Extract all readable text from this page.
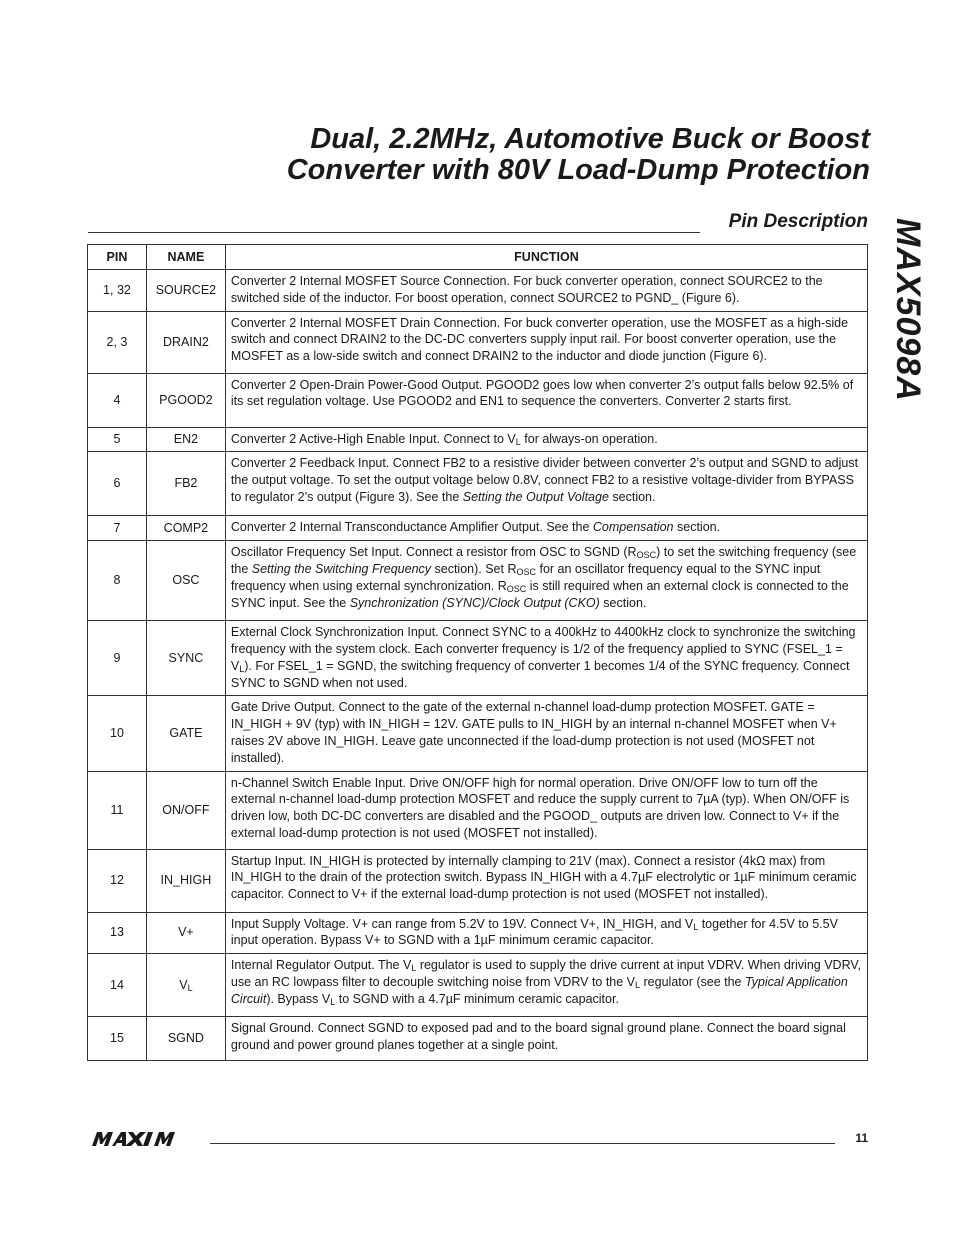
Dual, 2.2MHz, Automotive Buck or Boost
Converter with 80V Load-Dump Protection
Pin Description MAX5098A
PIN	NAME	FUNCTION
1, 32	SOURCE2	Converter 2 Internal MOSFET Source Connection. For buck converter operation, connect SOURCE2 to the switched side of the inductor. For boost operation, connect SOURCE2 to PGND_ (Figure 6).
2, 3	DRAIN2	Converter 2 Internal MOSFET Drain Connection. For buck converter operation, use the MOSFET as a high-side switch and connect DRAIN2 to the DC-DC converters supply input rail. For boost converter operation, use the MOSFET as a low-side switch and connect DRAIN2 to the inductor and diode junction (Figure 6).
4	PGOOD2	Converter 2 Open-Drain Power-Good Output. PGOOD2 goes low when converter 2’s output falls below 92.5% of its set regulation voltage. Use PGOOD2 and EN1 to sequence the converters. Converter 2 starts first.
5	EN2	Converter 2 Active-High Enable Input. Connect to $V_L$ for always-on operation.
6	FB2	Converter 2 Feedback Input. Connect FB2 to a resistive divider between converter 2’s output and SGND to adjust the output voltage. To set the output voltage below 0.8V, connect FB2 to a resistive voltage-divider from BYPASS to regulator 2’s output (Figure 3). See the Setting the Output Voltage section.
7	COMP2	Converter 2 Internal Transconductance Amplifier Output. See the Compensation section.
8	OSC	Oscillator Frequency Set Input. Connect a resistor from OSC to SGND $(R_{OSC})$ to set the switching frequency (see the Setting the Switching Frequency section). Set $R_{OSC}$ for an oscillator frequency equal to the SYNC input frequency when using external synchronization. $R_{OSC}$ is still required when an external clock is connected to the SYNC input. See the Synchronization (SYNC)/Clock Output (CKO) section.
9	SYNC	External Clock Synchronization Input. Connect SYNC to a 400kHz to 4400kHz clock to synchronize the switching frequency with the system clock. Each converter frequency is 1/2 of the frequency applied to SYNC (FSEL_1 = $V_L$). For FSEL_1 = SGND, the switching frequency of converter 1 becomes 1/4 of the SYNC frequency. Connect SYNC to SGND when not used.
10	GATE	Gate Drive Output. Connect to the gate of the external n-channel load-dump protection MOSFET. GATE = IN_HIGH + 9V (typ) with IN_HIGH = 12V. GATE pulls to IN_HIGH by an internal n-channel MOSFET when V+ raises 2V above IN_HIGH. Leave gate unconnected if the load-dump protection is not used (MOSFET not installed).
11	ON/OFF	n-Channel Switch Enable Input. Drive ON/OFF high for normal operation. Drive ON/OFF low to turn off the external n-channel load-dump protection MOSFET and reduce the supply current to 7µA (typ). When ON/OFF is driven low, both DC-DC converters are disabled and the PGOOD_ outputs are driven low. Connect to V+ if the external load-dump protection is not used (MOSFET not installed).
12	IN_HIGH	Startup Input. IN_HIGH is protected by internally clamping to 21V (max). Connect a resistor (4kΩ max) from IN_HIGH to the drain of the protection switch. Bypass IN_HIGH with a 4.7µF electrolytic or 1µF minimum ceramic capacitor. Connect to V+ if the external load-dump protection is not used (MOSFET not installed).
13	V+	Input Supply Voltage. V+ can range from 5.2V to 19V. Connect V+, IN_HIGH, and $V_L$ together for 4.5V to 5.5V input operation. Bypass V+ to SGND with a 1µF minimum ceramic capacitor.
14	$V_L$	Internal Regulator Output. The $V_L$ regulator is used to supply the drive current at input VDRV. When driving VDRV, use an RC lowpass filter to decouple switching noise from VDRV to the $V_L$ regulator (see the Typical Application Circuit). Bypass $V_L$ to SGND with a 4.7µF minimum ceramic capacitor.
15	SGND	Signal Ground. Connect SGND to exposed pad and to the board signal ground plane. Connect the board signal ground and power ground planes together at a single point.
11
